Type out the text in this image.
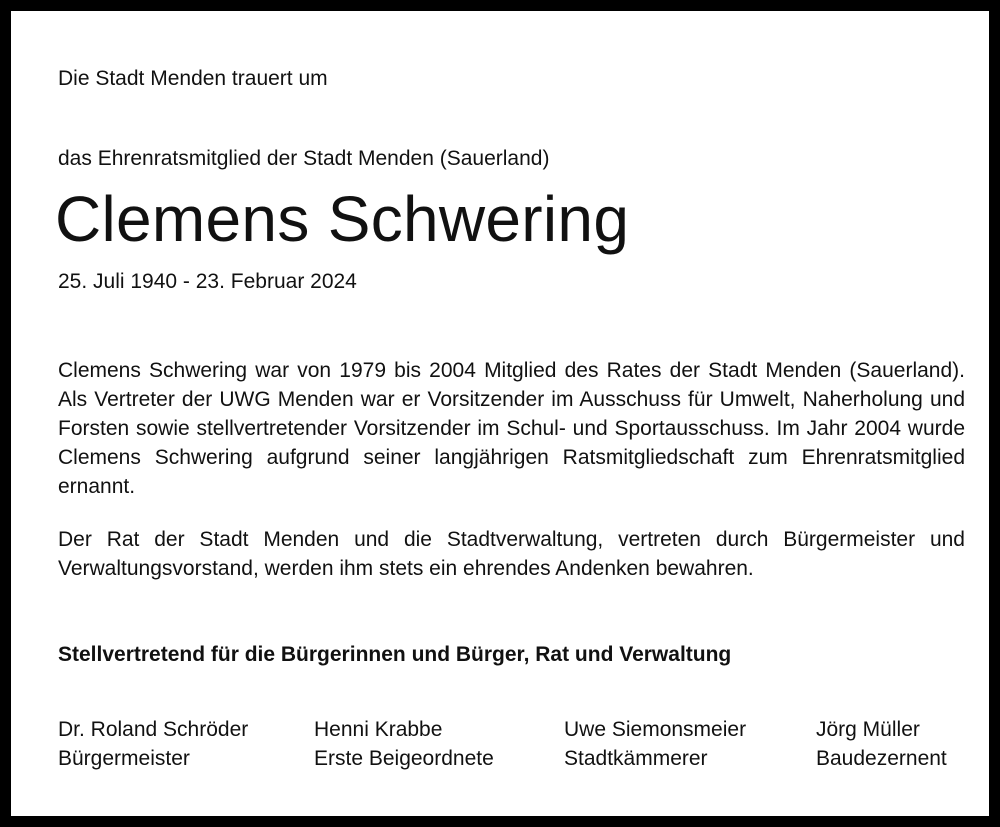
Die Stadt Menden trauert um
das Ehrenratsmitglied der Stadt Menden (Sauerland)
Clemens Schwering
25. Juli 1940 - 23. Februar 2024
Clemens Schwering war von 1979 bis 2004 Mitglied des Rates der Stadt Menden (Sauerland). Als Vertreter der UWG Menden war er Vorsitzender im Ausschuss für Umwelt, Naherholung und Forsten sowie stellvertretender Vorsitzender im Schul- und Sportausschuss. Im Jahr 2004 wurde Clemens Schwering aufgrund seiner langjährigen Ratsmitgliedschaft zum Ehrenratsmitglied ernannt.
Der Rat der Stadt Menden und die Stadtverwaltung, vertreten durch Bürgermeister und Verwaltungsvorstand, werden ihm stets ein ehrendes Andenken bewahren.
Stellvertretend für die Bürgerinnen und Bürger, Rat und Verwaltung
Dr. Roland Schröder
Bürgermeister
Henni Krabbe
Erste Beigeordnete
Uwe Siemonsmeier
Stadtkämmerer
Jörg Müller
Baudezernent
